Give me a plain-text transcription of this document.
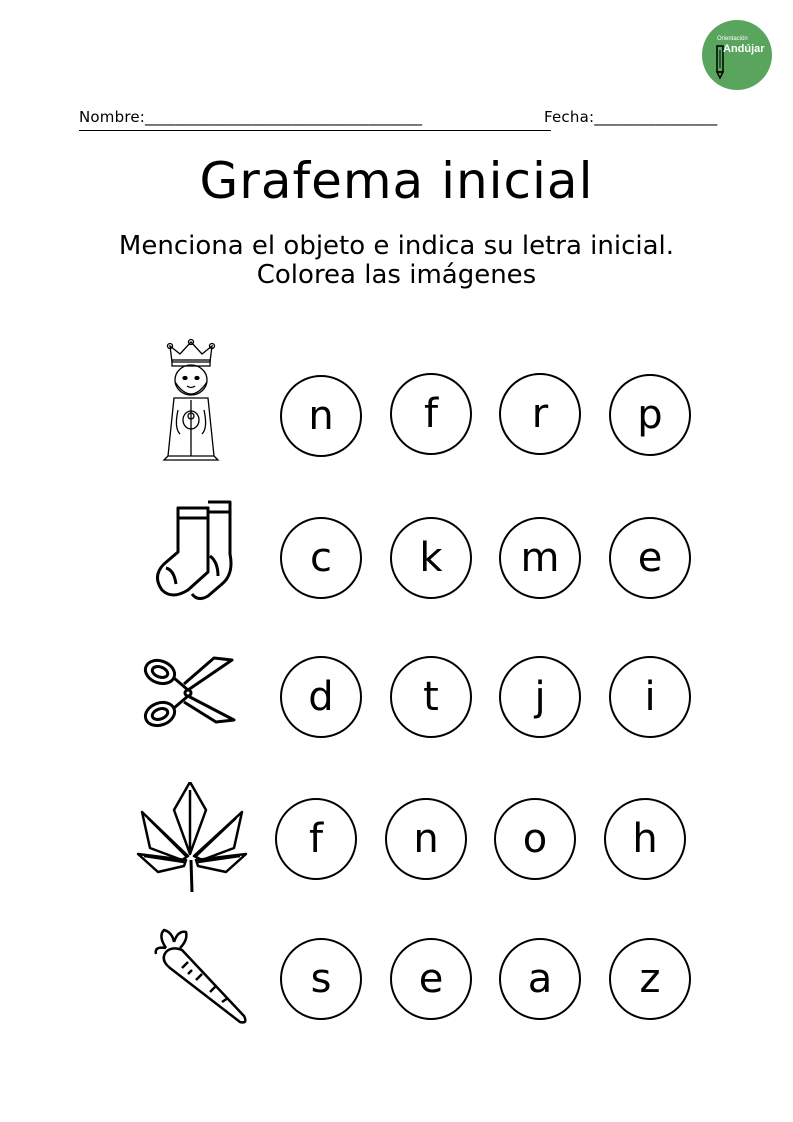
Orientación
Andújar
Nombre:____________________________________	Fecha:________________
Grafema inicial
Menciona el objeto e indica su letra inicial.
Colorea las imágenes
n	f	r	p
c	k	m	e
d	t	j	i
f	n	o	h
s	e	a	z
